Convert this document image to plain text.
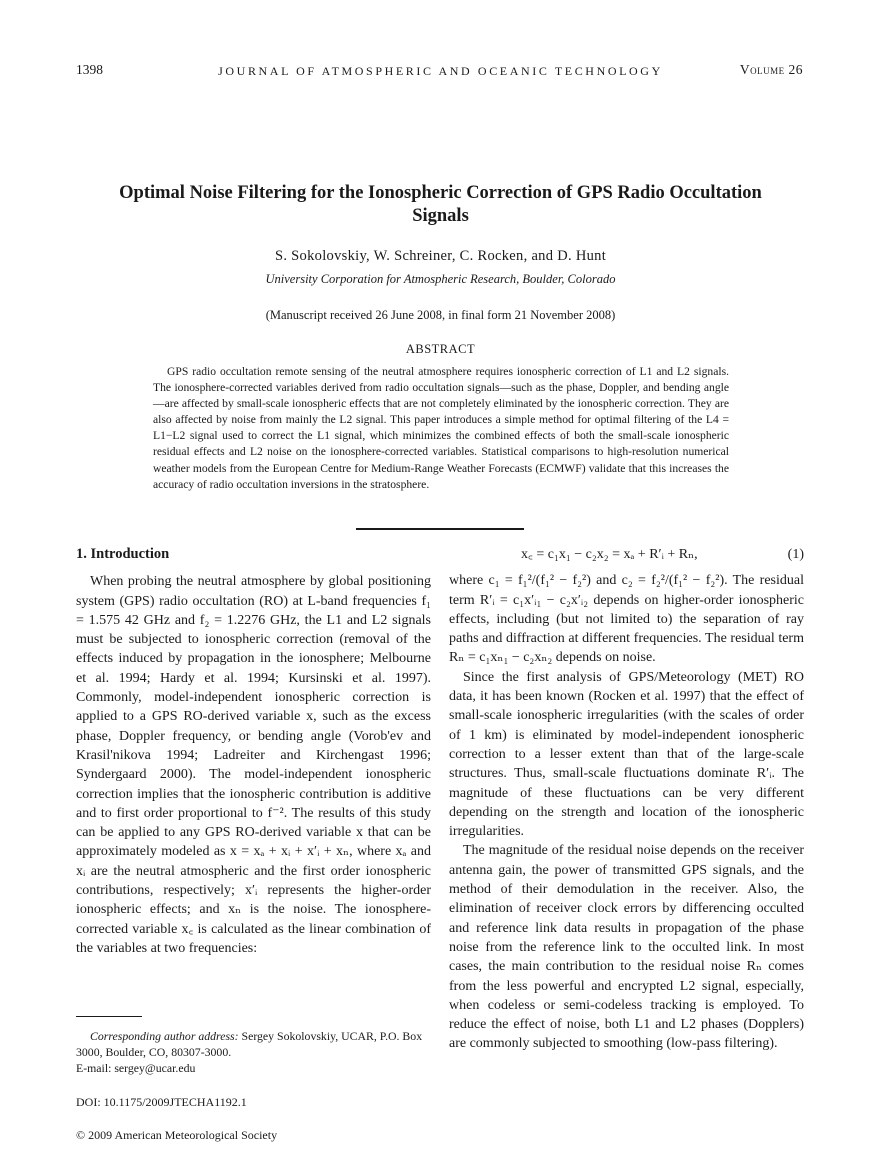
1398	JOURNAL OF ATMOSPHERIC AND OCEANIC TECHNOLOGY	Volume 26
Optimal Noise Filtering for the Ionospheric Correction of GPS Radio Occultation Signals
S. Sokolovskiy, W. Schreiner, C. Rocken, and D. Hunt
University Corporation for Atmospheric Research, Boulder, Colorado
(Manuscript received 26 June 2008, in final form 21 November 2008)
ABSTRACT
GPS radio occultation remote sensing of the neutral atmosphere requires ionospheric correction of L1 and L2 signals. The ionosphere-corrected variables derived from radio occultation signals—such as the phase, Doppler, and bending angle—are affected by small-scale ionospheric effects that are not completely eliminated by the ionospheric correction. They are also affected by noise from mainly the L2 signal. This paper introduces a simple method for optimal filtering of the L4 = L1−L2 signal used to correct the L1 signal, which minimizes the combined effects of both the small-scale ionospheric residual effects and L2 noise on the ionosphere-corrected variables. Statistical comparisons to high-resolution numerical weather models from the European Centre for Medium-Range Weather Forecasts (ECMWF) validate that this increases the accuracy of radio occultation inversions in the stratosphere.
1. Introduction

When probing the neutral atmosphere by global positioning system (GPS) radio occultation (RO) at L-band frequencies f₁ = 1.575 42 GHz and f₂ = 1.2276 GHz, the L1 and L2 signals must be subjected to ionospheric correction (removal of the effects induced by propagation in the ionosphere; Melbourne et al. 1994; Hardy et al. 1994; Kursinski et al. 1997). Commonly, model-independent ionospheric correction is applied to a GPS RO-derived variable x, such as the excess phase, Doppler frequency, or bending angle (Vorob'ev and Krasil'nikova 1994; Ladreiter and Kirchengast 1996; Syndergaard 2000). The model-independent ionospheric correction implies that the ionospheric contribution is additive and to first order proportional to f⁻². The results of this study can be applied to any GPS RO-derived variable x that can be approximately modeled as x = xₐ + xᵢ + x′ᵢ + xₙ, where xₐ and xᵢ are the neutral atmospheric and the first order ionospheric contributions, respectively; x′ᵢ represents the higher-order ionospheric effects; and xₙ is the noise. The ionosphere-corrected variable x꜀ is calculated as the linear combination of the variables at two frequencies:

x꜀ = c₁x₁ − c₂x₂ = xₐ + R′ᵢ + Rₙ,	(1)

where c₁ = f₁²/(f₁² − f₂²) and c₂ = f₂²/(f₁² − f₂²). The residual term R′ᵢ = c₁x′ᵢ₁ − c₂x′ᵢ₂ depends on higher-order ionospheric effects, including (but not limited to) the separation of ray paths and diffraction at different frequencies. The residual term Rₙ = c₁xₙ₁ − c₂xₙ₂ depends on noise.

Since the first analysis of GPS/Meteorology (MET) RO data, it has been known (Rocken et al. 1997) that the effect of small-scale ionospheric irregularities (with the scales of order of 1 km) is eliminated by model-independent ionospheric correction to a lesser extent than that of the large-scale structures. Thus, small-scale fluctuations dominate R′ᵢ. The magnitude of these fluctuations can be very different depending on the strength and location of the ionospheric irregularities.

The magnitude of the residual noise depends on the receiver antenna gain, the power of transmitted GPS signals, and the method of their demodulation in the receiver. Also, the elimination of receiver clock errors by differencing occulted and reference link data results in propagation of the phase noise from the reference link to the occulted link. In most cases, the main contribution to the residual noise Rₙ comes from the less powerful and encrypted L2 signal, especially, when codeless or semi-codeless tracking is employed. To reduce the effect of noise, both L1 and L2 phases (Dopplers) are commonly subjected to smoothing (low-pass filtering).

Corresponding author address: Sergey Sokolovskiy, UCAR, P.O. Box 3000, Boulder, CO, 80307-3000.

E-mail: sergey@ucar.edu
DOI: 10.1175/2009JTECHA1192.1
© 2009 American Meteorological Society
